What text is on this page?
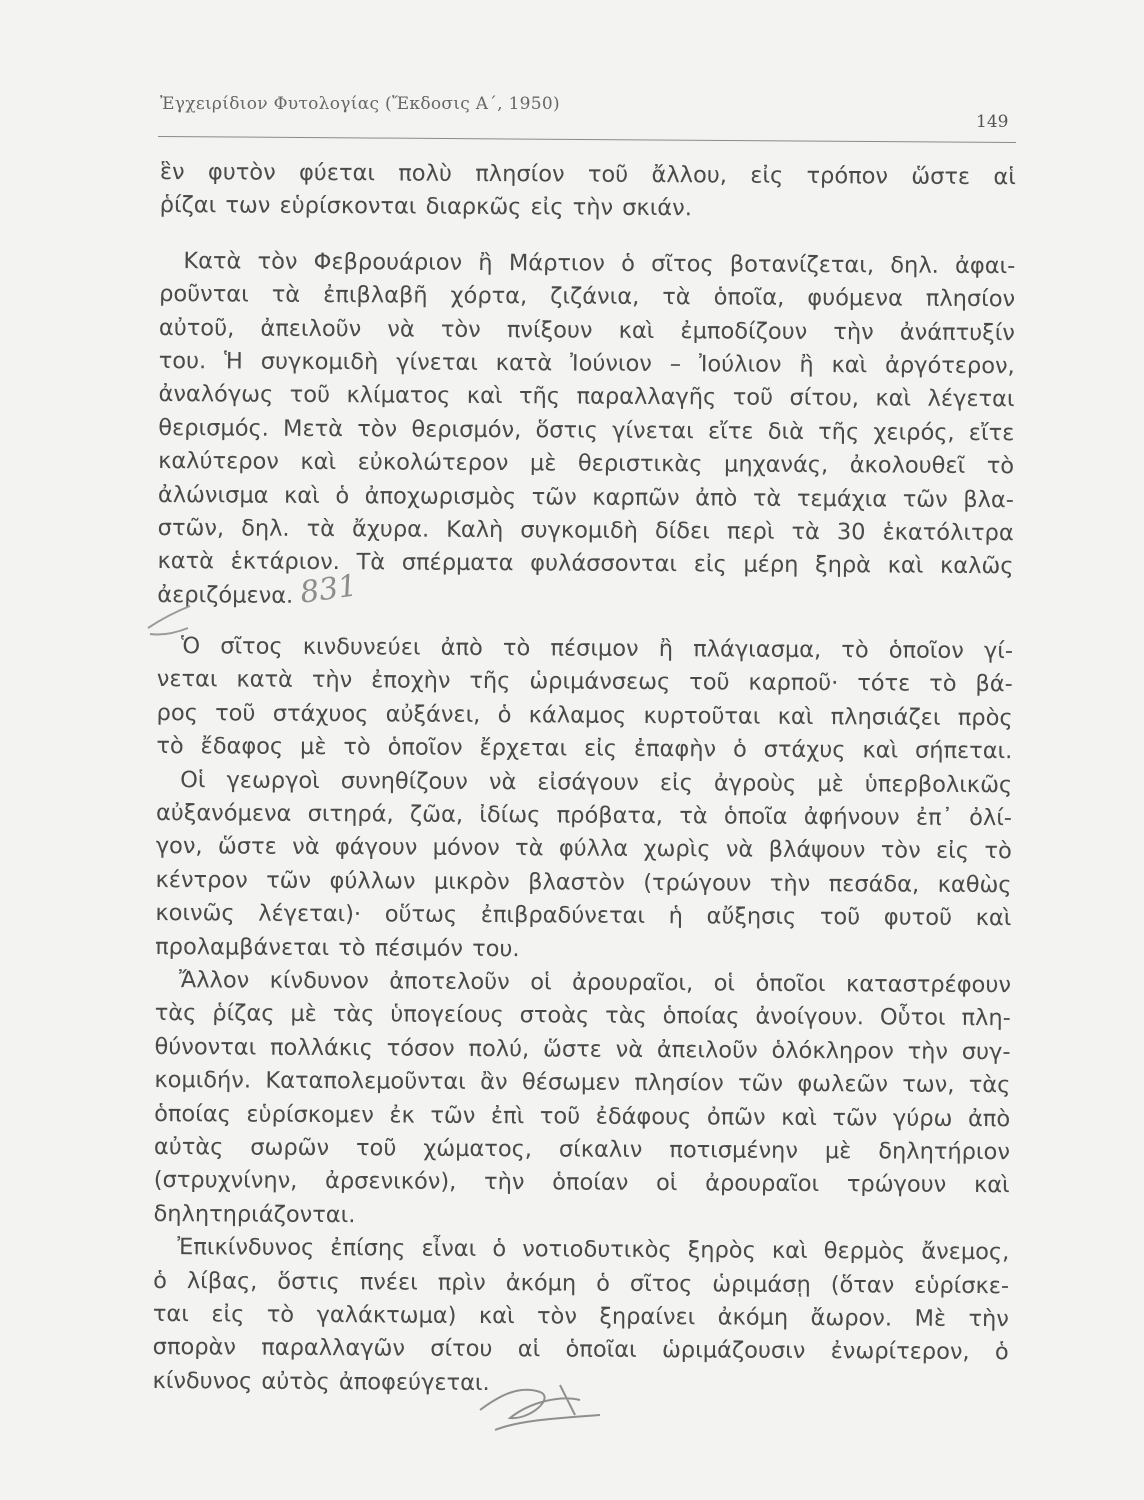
Ἐγχειρίδιον Φυτολογίας (Ἔκδοσις Α΄, 1950)
149
ἓν φυτὸν φύεται πολὺ πλησίον τοῦ ἄλλου, εἰς τρόπον ὥστε αἱ
ῥίζαι των εὑρίσκονται διαρκῶς εἰς τὴν σκιάν.
Κατὰ τὸν Φεβρουάριον ἢ Μάρτιον ὁ σῖτος βοτανίζεται, δηλ. ἀφαι-
ροῦνται τὰ ἐπιβλαβῆ χόρτα, ζιζάνια, τὰ ὁποῖα, φυόμενα πλησίον
αὐτοῦ, ἀπειλοῦν νὰ τὸν πνίξουν καὶ ἐμποδίζουν τὴν ἀνάπτυξίν
του. Ἡ συγκομιδὴ γίνεται κατὰ Ἰούνιον – Ἰούλιον ἢ καὶ ἀργότερον,
ἀναλόγως τοῦ κλίματος καὶ τῆς παραλλαγῆς τοῦ σίτου, καὶ λέγεται
θερισμός. Μετὰ τὸν θερισμόν, ὅστις γίνεται εἴτε διὰ τῆς χειρός, εἴτε
καλύτερον καὶ εὐκολώτερον μὲ θεριστικὰς μηχανάς, ἀκολουθεῖ τὸ
ἀλώνισμα καὶ ὁ ἀποχωρισμὸς τῶν καρπῶν ἀπὸ τὰ τεμάχια τῶν βλα-
στῶν, δηλ. τὰ ἄχυρα. Καλὴ συγκομιδὴ δίδει περὶ τὰ 30 ἑκατόλιτρα
κατὰ ἑκτάριον. Τὰ σπέρματα φυλάσσονται εἰς μέρη ξηρὰ καὶ καλῶς
ἀεριζόμενα.
Ὁ σῖτος κινδυνεύει ἀπὸ τὸ πέσιμον ἢ πλάγιασμα, τὸ ὁποῖον γί-
νεται κατὰ τὴν ἐποχὴν τῆς ὡριμάνσεως τοῦ καρποῦ· τότε τὸ βά-
ρος τοῦ στάχυος αὐξάνει, ὁ κάλαμος κυρτοῦται καὶ πλησιάζει πρὸς
τὸ ἔδαφος μὲ τὸ ὁποῖον ἔρχεται εἰς ἐπαφὴν ὁ στάχυς καὶ σήπεται.
Οἱ γεωργοὶ συνηθίζουν νὰ εἰσάγουν εἰς ἀγροὺς μὲ ὑπερβολικῶς
αὐξανόμενα σιτηρά, ζῶα, ἰδίως πρόβατα, τὰ ὁποῖα ἀφήνουν ἐπ᾽ ὀλί-
γον, ὥστε νὰ φάγουν μόνον τὰ φύλλα χωρὶς νὰ βλάψουν τὸν εἰς τὸ
κέντρον τῶν φύλλων μικρὸν βλαστὸν (τρώγουν τὴν πεσάδα, καθὼς
κοινῶς λέγεται)· οὕτως ἐπιβραδύνεται ἡ αὔξησις τοῦ φυτοῦ καὶ
προλαμβάνεται τὸ πέσιμόν του.
Ἄλλον κίνδυνον ἀποτελοῦν οἱ ἀρουραῖοι, οἱ ὁποῖοι καταστρέφουν
τὰς ῥίζας μὲ τὰς ὑπογείους στοὰς τὰς ὁποίας ἀνοίγουν. Οὗτοι πλη-
θύνονται πολλάκις τόσον πολύ, ὥστε νὰ ἀπειλοῦν ὁλόκληρον τὴν συγ-
κομιδήν. Καταπολεμοῦνται ἂν θέσωμεν πλησίον τῶν φωλεῶν των, τὰς
ὁποίας εὑρίσκομεν ἐκ τῶν ἐπὶ τοῦ ἐδάφους ὀπῶν καὶ τῶν γύρω ἀπὸ
αὐτὰς σωρῶν τοῦ χώματος, σίκαλιν ποτισμένην μὲ δηλητήριον
(στρυχνίνην, ἀρσενικόν), τὴν ὁποίαν οἱ ἀρουραῖοι τρώγουν καὶ
δηλητηριάζονται.
Ἐπικίνδυνος ἐπίσης εἶναι ὁ νοτιοδυτικὸς ξηρὸς καὶ θερμὸς ἄνεμος,
ὁ λίβας, ὅστις πνέει πρὶν ἀκόμη ὁ σῖτος ὡριμάσῃ (ὅταν εὑρίσκε-
ται εἰς τὸ γαλάκτωμα) καὶ τὸν ξηραίνει ἀκόμη ἄωρον. Μὲ τὴν
σπορὰν παραλλαγῶν σίτου αἱ ὁποῖαι ὡριμάζουσιν ἐνωρίτερον, ὁ
κίνδυνος αὐτὸς ἀποφεύγεται.
831
